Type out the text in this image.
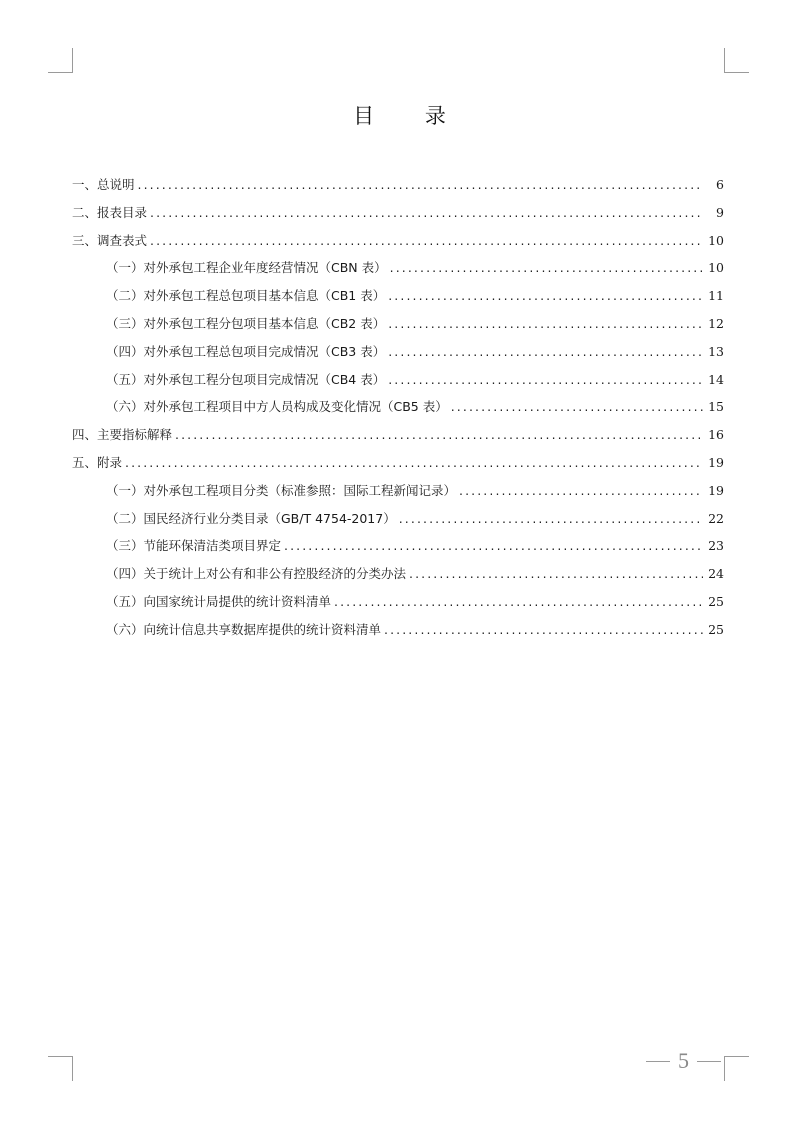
目 录
一、总说明 .....	6
二、报表目录 .....	9
三、调查表式 .....	10
（一）对外承包工程企业年度经营情况（CBN 表） .....	10
（二）对外承包工程总包项目基本信息（CB1 表） .....	11
（三）对外承包工程分包项目基本信息（CB2 表） .....	12
（四）对外承包工程总包项目完成情况（CB3 表） .....	13
（五）对外承包工程分包项目完成情况（CB4 表） .....	14
（六）对外承包工程项目中方人员构成及变化情况（CB5 表） .....	15
四、主要指标解释 .....	16
五、附录 .....	19
（一）对外承包工程项目分类（标准参照：国际工程新闻记录） .....	19
（二）国民经济行业分类目录（GB/T 4754-2017） .....	22
（三）节能环保清洁类项目界定 .....	23
（四）关于统计上对公有和非公有控股经济的分类办法 .....	24
（五）向国家统计局提供的统计资料清单 .....	25
（六）向统计信息共享数据库提供的统计资料清单 .....	25
5
